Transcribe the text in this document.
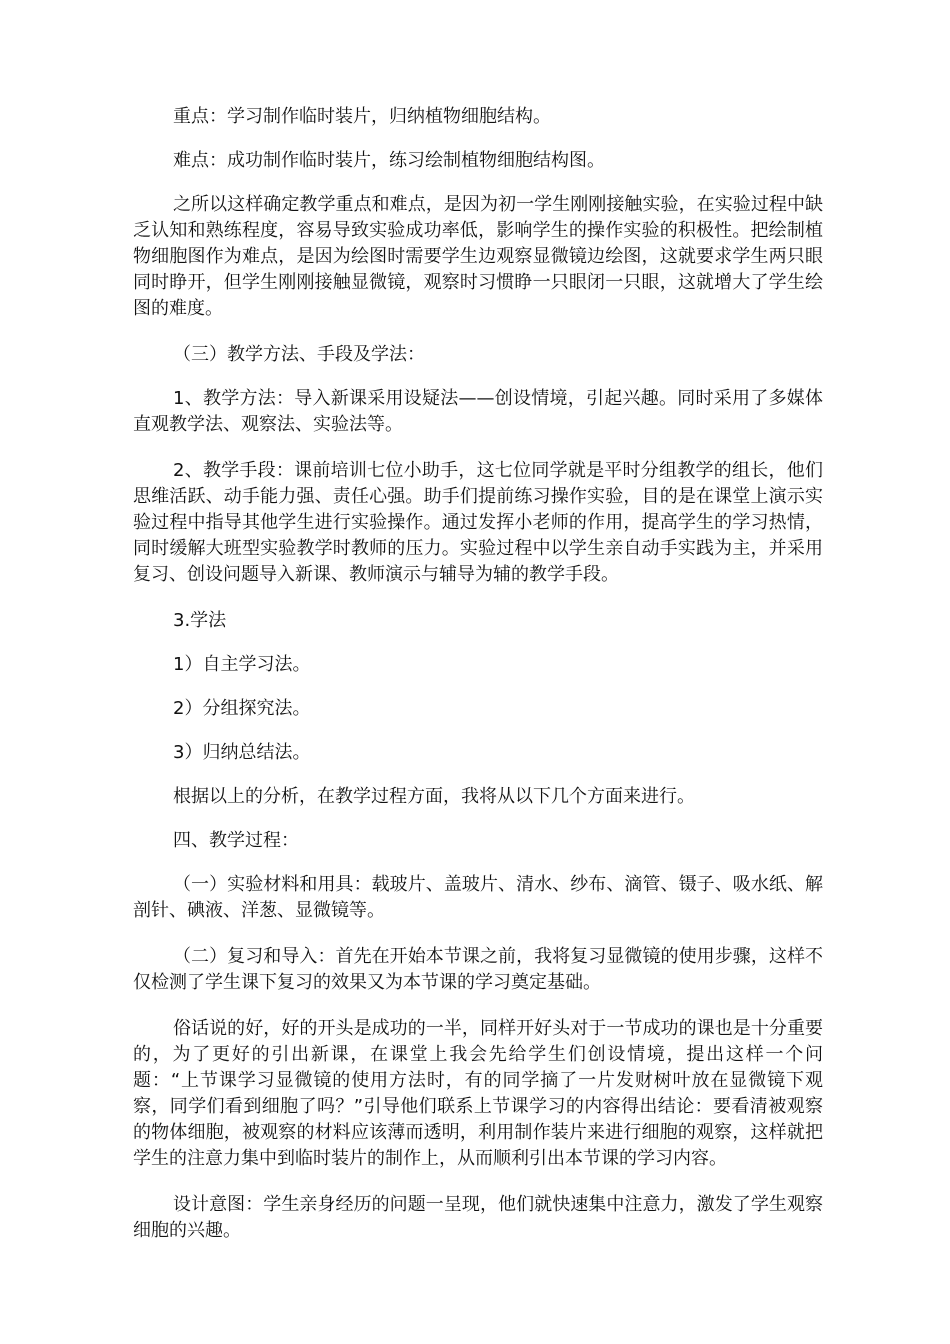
重点：学习制作临时装片，归纳植物细胞结构。

难点：成功制作临时装片，练习绘制植物细胞结构图。

之所以这样确定教学重点和难点，是因为初一学生刚刚接触实验，在实验过程中缺乏认知和熟练程度，容易导致实验成功率低，影响学生的操作实验的积极性。把绘制植物细胞图作为难点，是因为绘图时需要学生边观察显微镜边绘图，这就要求学生两只眼同时睁开，但学生刚刚接触显微镜，观察时习惯睁一只眼闭一只眼，这就增大了学生绘图的难度。

（三）教学方法、手段及学法：

1、教学方法：导入新课采用设疑法——创设情境，引起兴趣。同时采用了多媒体直观教学法、观察法、实验法等。

2、教学手段：课前培训七位小助手，这七位同学就是平时分组教学的组长，他们思维活跃、动手能力强、责任心强。助手们提前练习操作实验，目的是在课堂上演示实验过程中指导其他学生进行实验操作。通过发挥小老师的作用，提高学生的学习热情，同时缓解大班型实验教学时教师的压力。实验过程中以学生亲自动手实践为主，并采用复习、创设问题导入新课、教师演示与辅导为辅的教学手段。

3.学法

1）自主学习法。

2）分组探究法。

3）归纳总结法。

根据以上的分析，在教学过程方面，我将从以下几个方面来进行。

四、教学过程：

（一）实验材料和用具：载玻片、盖玻片、清水、纱布、滴管、镊子、吸水纸、解剖针、碘液、洋葱、显微镜等。

（二）复习和导入：首先在开始本节课之前，我将复习显微镜的使用步骤，这样不仅检测了学生课下复习的效果又为本节课的学习奠定基础。

俗话说的好，好的开头是成功的一半，同样开好头对于一节成功的课也是十分重要的，为了更好的引出新课，在课堂上我会先给学生们创设情境，提出这样一个问题：“上节课学习显微镜的使用方法时，有的同学摘了一片发财树叶放在显微镜下观察，同学们看到细胞了吗？”引导他们联系上节课学习的内容得出结论：要看清被观察的物体细胞，被观察的材料应该薄而透明，利用制作装片来进行细胞的观察，这样就把学生的注意力集中到临时装片的制作上，从而顺利引出本节课的学习内容。

设计意图：学生亲身经历的问题一呈现，他们就快速集中注意力，激发了学生观察细胞的兴趣。
